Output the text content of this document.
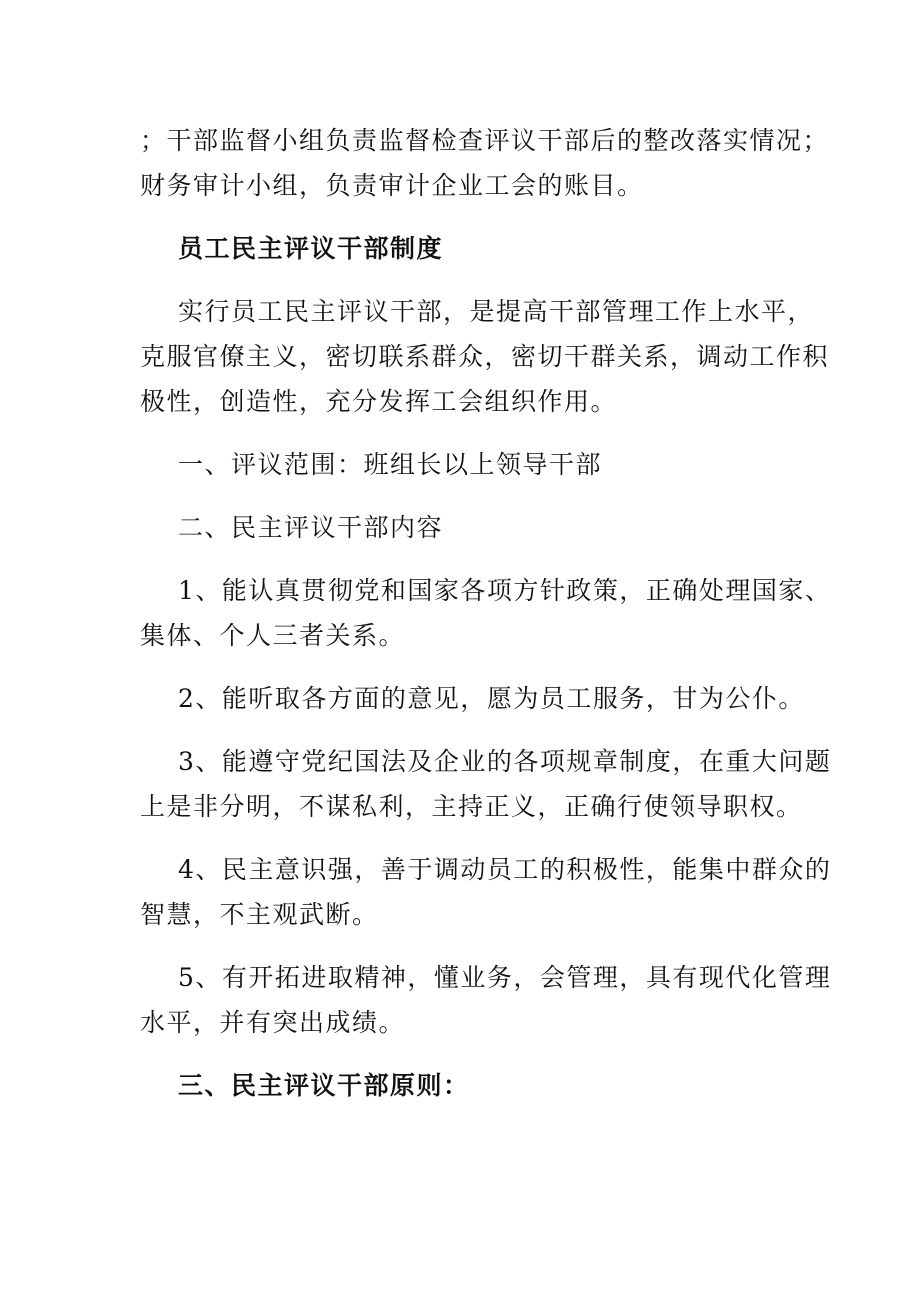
；干部监督小组负责监督检查评议干部后的整改落实情况；

财务审计小组，负责审计企业工会的账目。

员工民主评议干部制度

实行员工民主评议干部，是提高干部管理工作上水平，

克服官僚主义，密切联系群众，密切干群关系，调动工作积

极性，创造性，充分发挥工会组织作用。

一、评议范围：班组长以上领导干部

二、民主评议干部内容

1、能认真贯彻党和国家各项方针政策，正确处理国家、

集体、个人三者关系。

2、能听取各方面的意见，愿为员工服务，甘为公仆。

3、能遵守党纪国法及企业的各项规章制度，在重大问题

上是非分明，不谋私利，主持正义，正确行使领导职权。

4、民主意识强，善于调动员工的积极性，能集中群众的

智慧，不主观武断。

5、有开拓进取精神，懂业务，会管理，具有现代化管理

水平，并有突出成绩。

三、民主评议干部原则：
